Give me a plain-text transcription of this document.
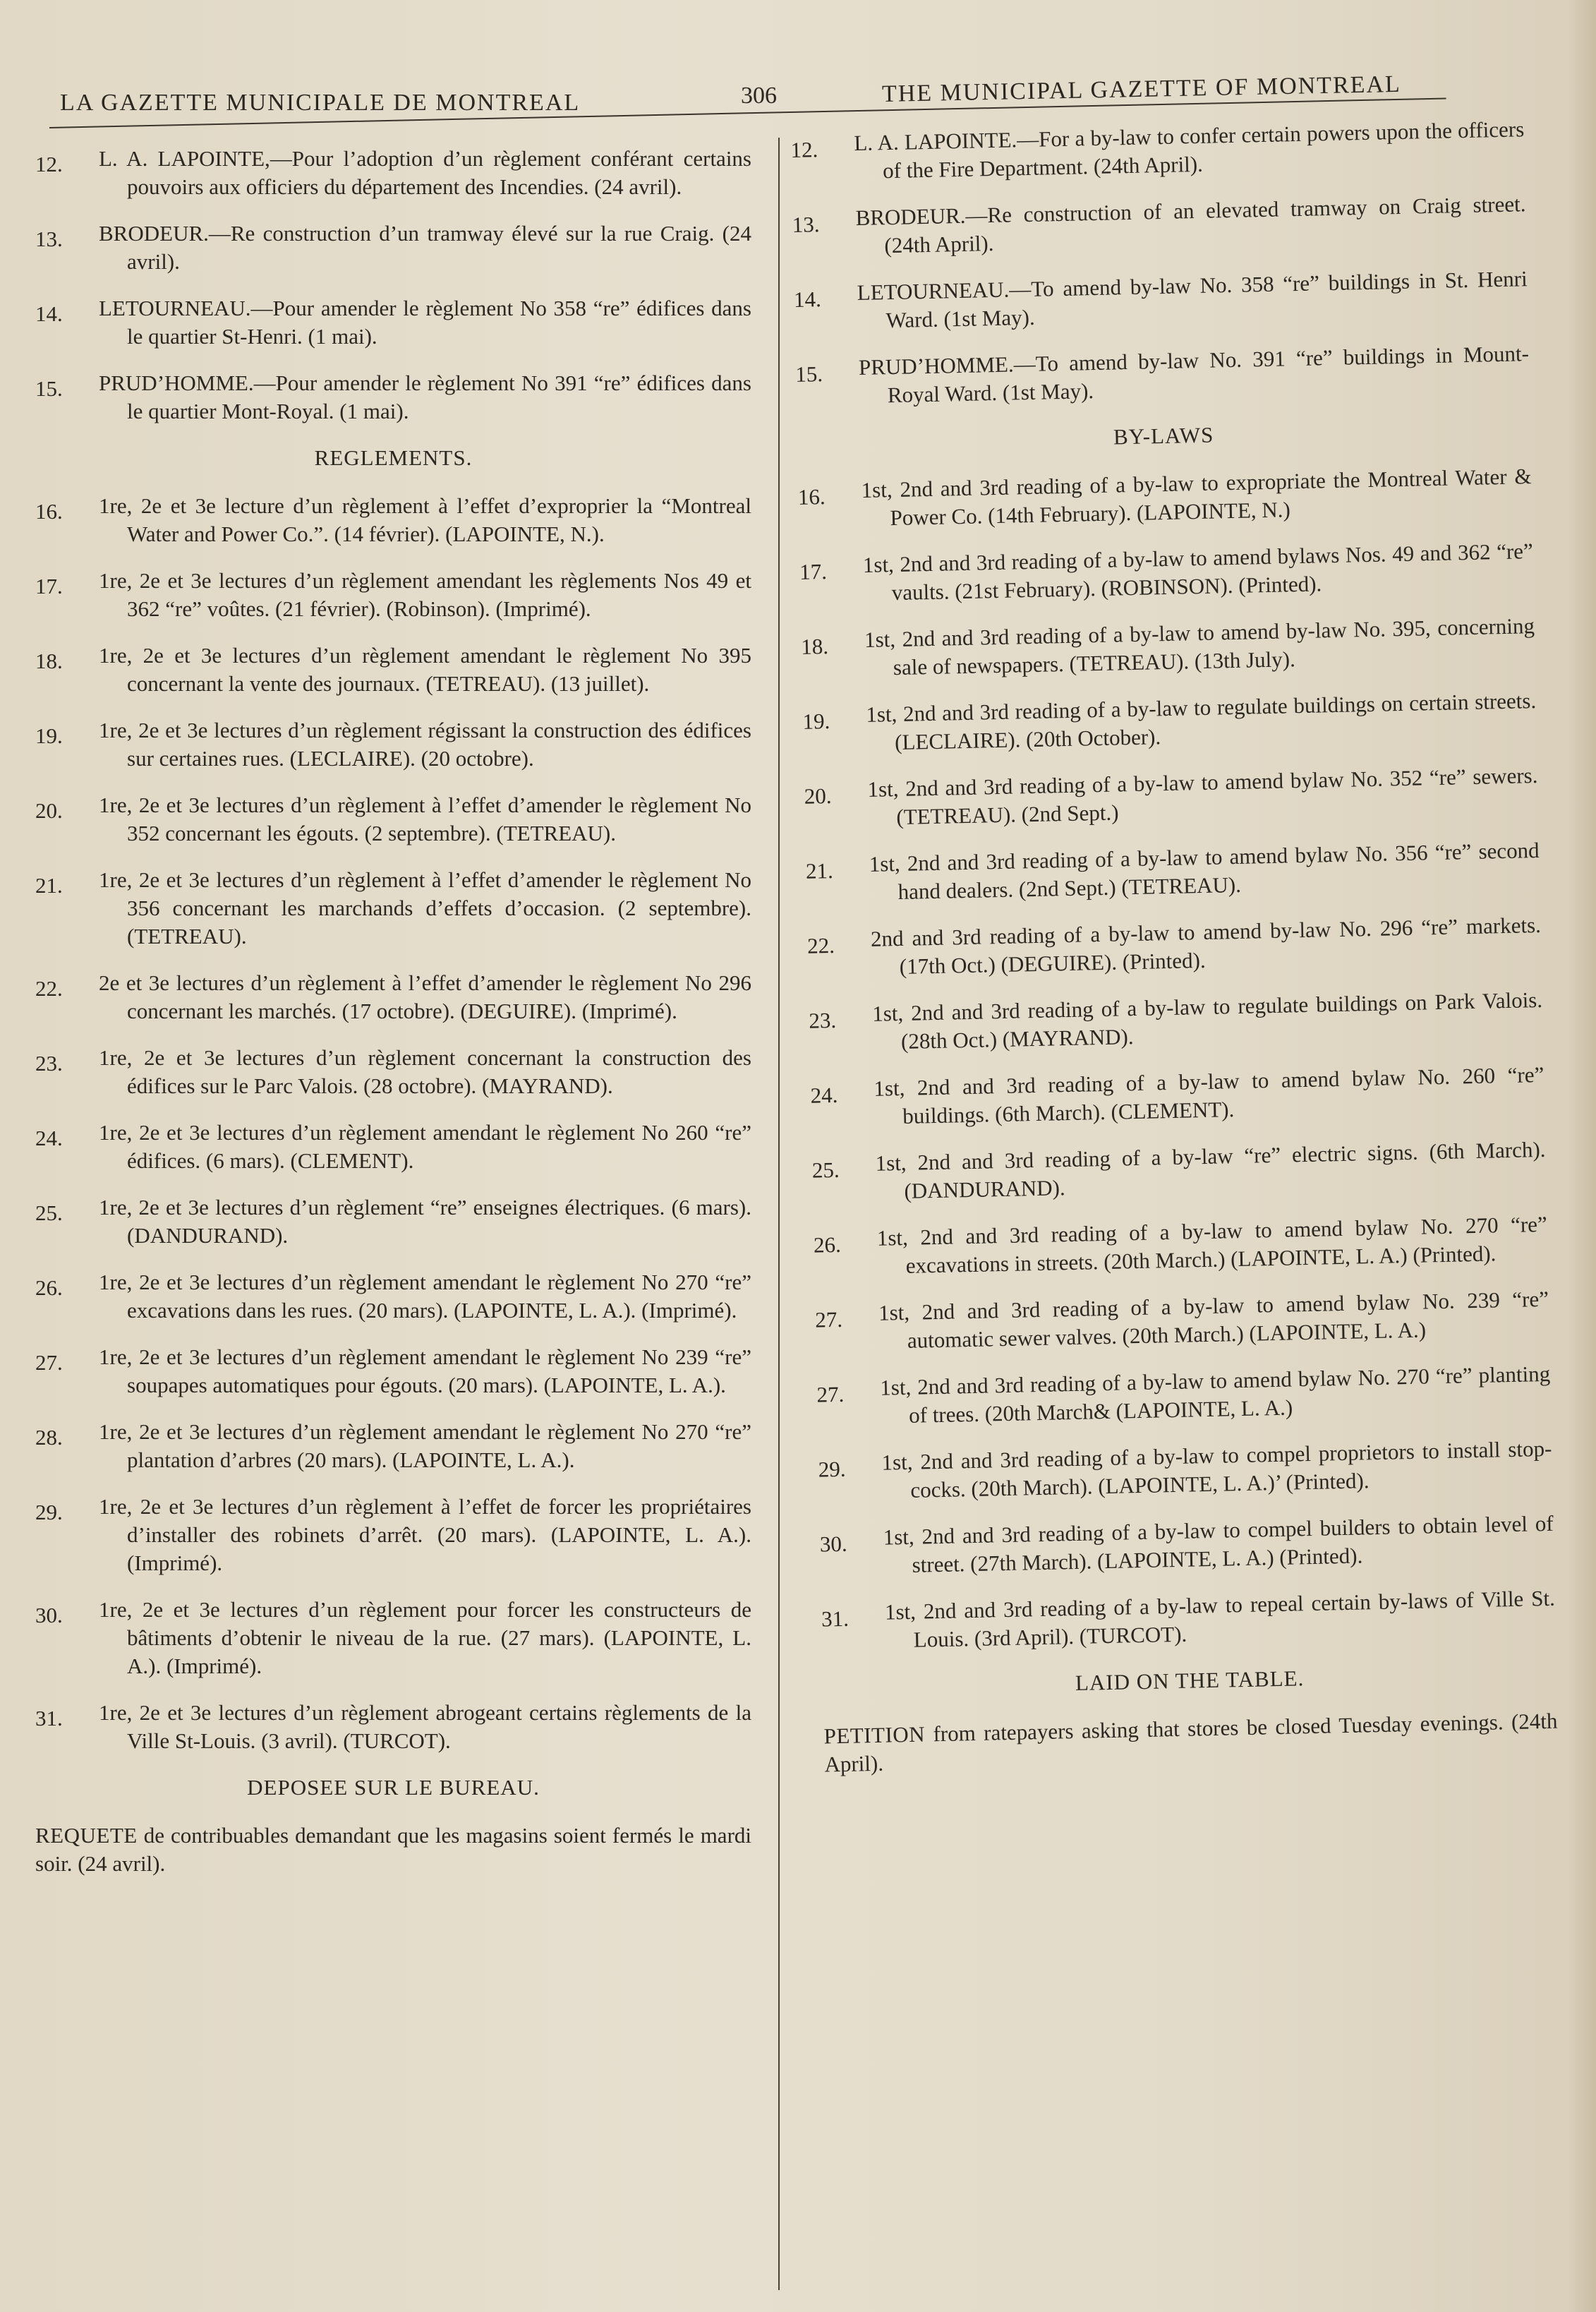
LA GAZETTE MUNICIPALE DE MONTREAL	306	THE MUNICIPAL GAZETTE OF MONTREAL
12.	L. A. LAPOINTE,—Pour l’adoption d’un règlement conférant certains pouvoirs aux officiers du département des Incendies. (24 avril).
13.	BRODEUR.—Re construction d’un tramway élevé sur la rue Craig. (24 avril).
14.	LETOURNEAU.—Pour amender le règlement No 358 “re” édifices dans le quartier St-Henri. (1 mai).
15.	PRUD’HOMME.—Pour amender le règlement No 391 “re” édifices dans le quartier Mont-Royal. (1 mai).
REGLEMENTS.
16.	1re, 2e et 3e lecture d’un règlement à l’effet d’exproprier la “Montreal Water and Power Co.”. (14 février). (LAPOINTE, N.).
17.	1re, 2e et 3e lectures d’un règlement amendant les règlements Nos 49 et 362 “re” voûtes. (21 février). (Robinson). (Imprimé).
18.	1re, 2e et 3e lectures d’un règlement amendant le règlement No 395 concernant la vente des journaux. (TETREAU). (13 juillet).
19.	1re, 2e et 3e lectures d’un règlement régissant la construction des édifices sur certaines rues. (LECLAIRE). (20 octobre).
20.	1re, 2e et 3e lectures d’un règlement à l’effet d’amender le règlement No 352 concernant les égouts. (2 septembre). (TETREAU).
21.	1re, 2e et 3e lectures d’un règlement à l’effet d’amender le règlement No 356 concernant les marchands d’effets d’occasion. (2 septembre). (TETREAU).
22.	2e et 3e lectures d’un règlement à l’effet d’amender le règlement No 296 concernant les marchés. (17 octobre). (DEGUIRE). (Imprimé).
23.	1re, 2e et 3e lectures d’un règlement concernant la construction des édifices sur le Parc Valois. (28 octobre). (MAYRAND).
24.	1re, 2e et 3e lectures d’un règlement amendant le règlement No 260 “re” édifices. (6 mars). (CLEMENT).
25.	1re, 2e et 3e lectures d’un règlement “re” enseignes électriques. (6 mars). (DANDURAND).
26.	1re, 2e et 3e lectures d’un règlement amendant le règlement No 270 “re” excavations dans les rues. (20 mars). (LAPOINTE, L. A.). (Imprimé).
27.	1re, 2e et 3e lectures d’un règlement amendant le règlement No 239 “re” soupapes automatiques pour égouts. (20 mars). (LAPOINTE, L. A.).
28.	1re, 2e et 3e lectures d’un règlement amendant le règlement No 270 “re” plantation d’arbres (20 mars). (LAPOINTE, L. A.).
29.	1re, 2e et 3e lectures d’un règlement à l’effet de forcer les propriétaires d’installer des robinets d’arrêt. (20 mars). (LAPOINTE, L. A.). (Imprimé).
30.	1re, 2e et 3e lectures d’un règlement pour forcer les constructeurs de bâtiments d’obtenir le niveau de la rue. (27 mars). (LAPOINTE, L. A.). (Imprimé).
31.	1re, 2e et 3e lectures d’un règlement abrogeant certains règlements de la Ville St-Louis. (3 avril). (TURCOT).
DEPOSEE SUR LE BUREAU.
REQUETE de contribuables demandant que les magasins soient fermés le mardi soir. (24 avril).
12.	L. A. LAPOINTE.—For a by-law to confer certain powers upon the officers of the Fire Department. (24th April).
13.	BRODEUR.—Re construction of an elevated tramway on Craig street. (24th April).
14.	LETOURNEAU.—To amend by-law No. 358 “re” buildings in St. Henri Ward. (1st May).
15.	PRUD’HOMME.—To amend by-law No. 391 “re” buildings in Mount-Royal Ward. (1st May).
BY-LAWS
16.	1st, 2nd and 3rd reading of a by-law to expropriate the Montreal Water & Power Co. (14th February). (LAPOINTE, N.)
17.	1st, 2nd and 3rd reading of a by-law to amend bylaws Nos. 49 and 362 “re” vaults. (21st February). (ROBINSON). (Printed).
18.	1st, 2nd and 3rd reading of a by-law to amend by-law No. 395, concerning sale of newspapers. (TETREAU). (13th July).
19.	1st, 2nd and 3rd reading of a by-law to regulate buildings on certain streets. (LECLAIRE). (20th October).
20.	1st, 2nd and 3rd reading of a by-law to amend bylaw No. 352 “re” sewers. (TETREAU). (2nd Sept.)
21.	1st, 2nd and 3rd reading of a by-law to amend bylaw No. 356 “re” second hand dealers. (2nd Sept.) (TETREAU).
22.	2nd and 3rd reading of a by-law to amend by-law No. 296 “re” markets. (17th Oct.) (DEGUIRE). (Printed).
23.	1st, 2nd and 3rd reading of a by-law to regulate buildings on Park Valois. (28th Oct.) (MAYRAND).
24.	1st, 2nd and 3rd reading of a by-law to amend bylaw No. 260 “re” buildings. (6th March). (CLEMENT).
25.	1st, 2nd and 3rd reading of a by-law “re” electric signs. (6th March). (DANDURAND).
26.	1st, 2nd and 3rd reading of a by-law to amend bylaw No. 270 “re” excavations in streets. (20th March.) (LAPOINTE, L. A.) (Printed).
27.	1st, 2nd and 3rd reading of a by-law to amend bylaw No. 239 “re” automatic sewer valves. (20th March.) (LAPOINTE, L. A.)
27.	1st, 2nd and 3rd reading of a by-law to amend bylaw No. 270 “re” planting of trees. (20th March& (LAPOINTE, L. A.)
29.	1st, 2nd and 3rd reading of a by-law to compel proprietors to install stop-cocks. (20th March). (LAPOINTE, L. A.)’ (Printed).
30.	1st, 2nd and 3rd reading of a by-law to compel builders to obtain level of street. (27th March). (LAPOINTE, L. A.) (Printed).
31.	1st, 2nd and 3rd reading of a by-law to repeal certain by-laws of Ville St. Louis. (3rd April). (TURCOT).
LAID ON THE TABLE.
PETITION from ratepayers asking that stores be closed Tuesday evenings. (24th April).
